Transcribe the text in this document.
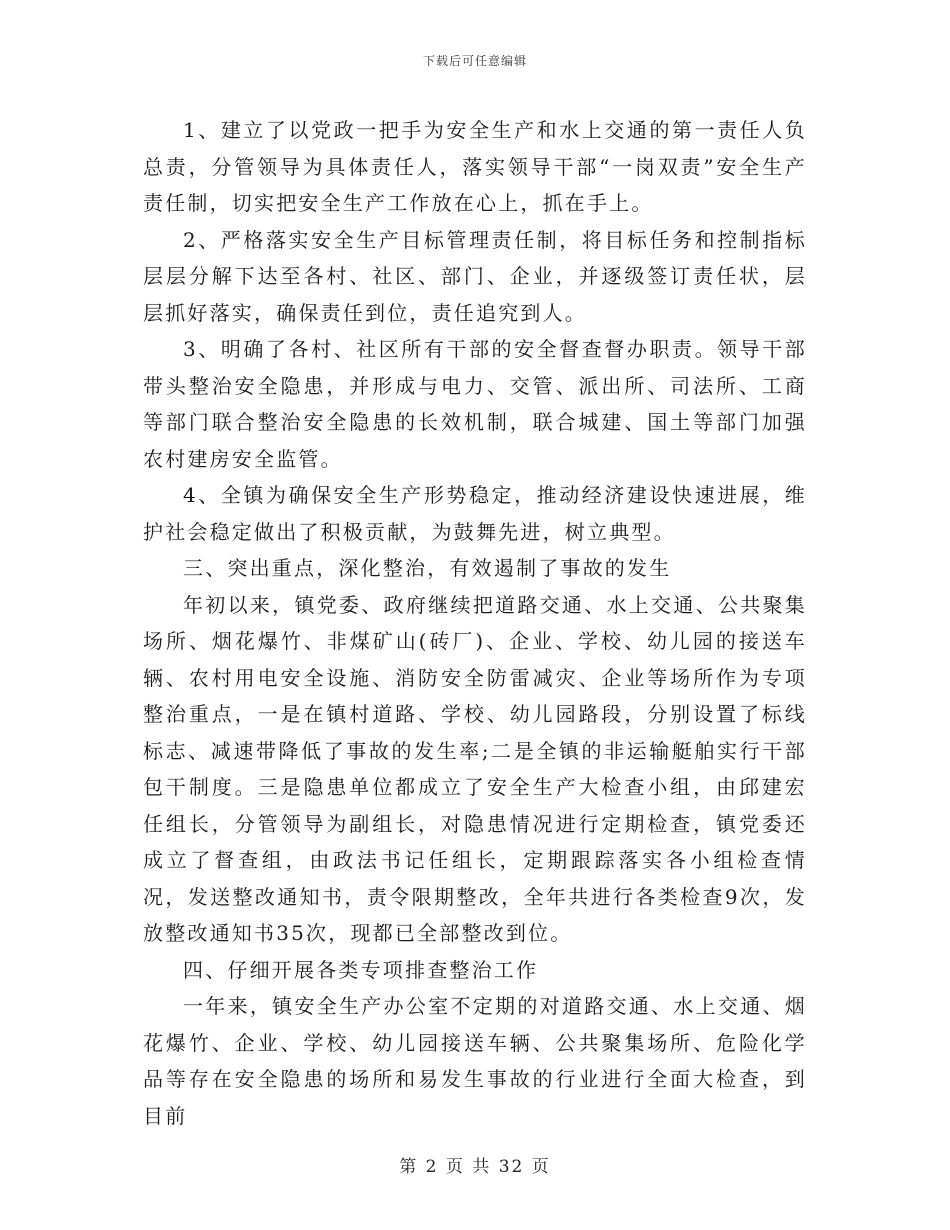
下载后可任意编辑

1、建立了以党政一把手为安全生产和水上交通的第一责任人负总责，分管领导为具体责任人，落实领导干部“一岗双责”安全生产责任制，切实把安全生产工作放在心上，抓在手上。

2、严格落实安全生产目标管理责任制，将目标任务和控制指标层层分解下达至各村、社区、部门、企业，并逐级签订责任状，层层抓好落实，确保责任到位，责任追究到人。

3、明确了各村、社区所有干部的安全督查督办职责。领导干部带头整治安全隐患，并形成与电力、交管、派出所、司法所、工商等部门联合整治安全隐患的长效机制，联合城建、国土等部门加强农村建房安全监管。

4、全镇为确保安全生产形势稳定，推动经济建设快速进展，维护社会稳定做出了积极贡献，为鼓舞先进，树立典型。

三、突出重点，深化整治，有效遏制了事故的发生

年初以来，镇党委、政府继续把道路交通、水上交通、公共聚集场所、烟花爆竹、非煤矿山(砖厂)、企业、学校、幼儿园的接送车辆、农村用电安全设施、消防安全防雷减灾、企业等场所作为专项整治重点，一是在镇村道路、学校、幼儿园路段，分别设置了标线标志、减速带降低了事故的发生率;二是全镇的非运输艇舶实行干部包干制度。三是隐患单位都成立了安全生产大检查小组，由邱建宏任组长，分管领导为副组长，对隐患情况进行定期检查，镇党委还成立了督查组，由政法书记任组长，定期跟踪落实各小组检查情况，发送整改通知书，责令限期整改，全年共进行各类检查9次，发放整改通知书35次，现都已全部整改到位。

四、仔细开展各类专项排查整治工作

一年来，镇安全生产办公室不定期的对道路交通、水上交通、烟花爆竹、企业、学校、幼儿园接送车辆、公共聚集场所、危险化学品等存在安全隐患的场所和易发生事故的行业进行全面大检查，到目前

第 2 页 共 32 页
